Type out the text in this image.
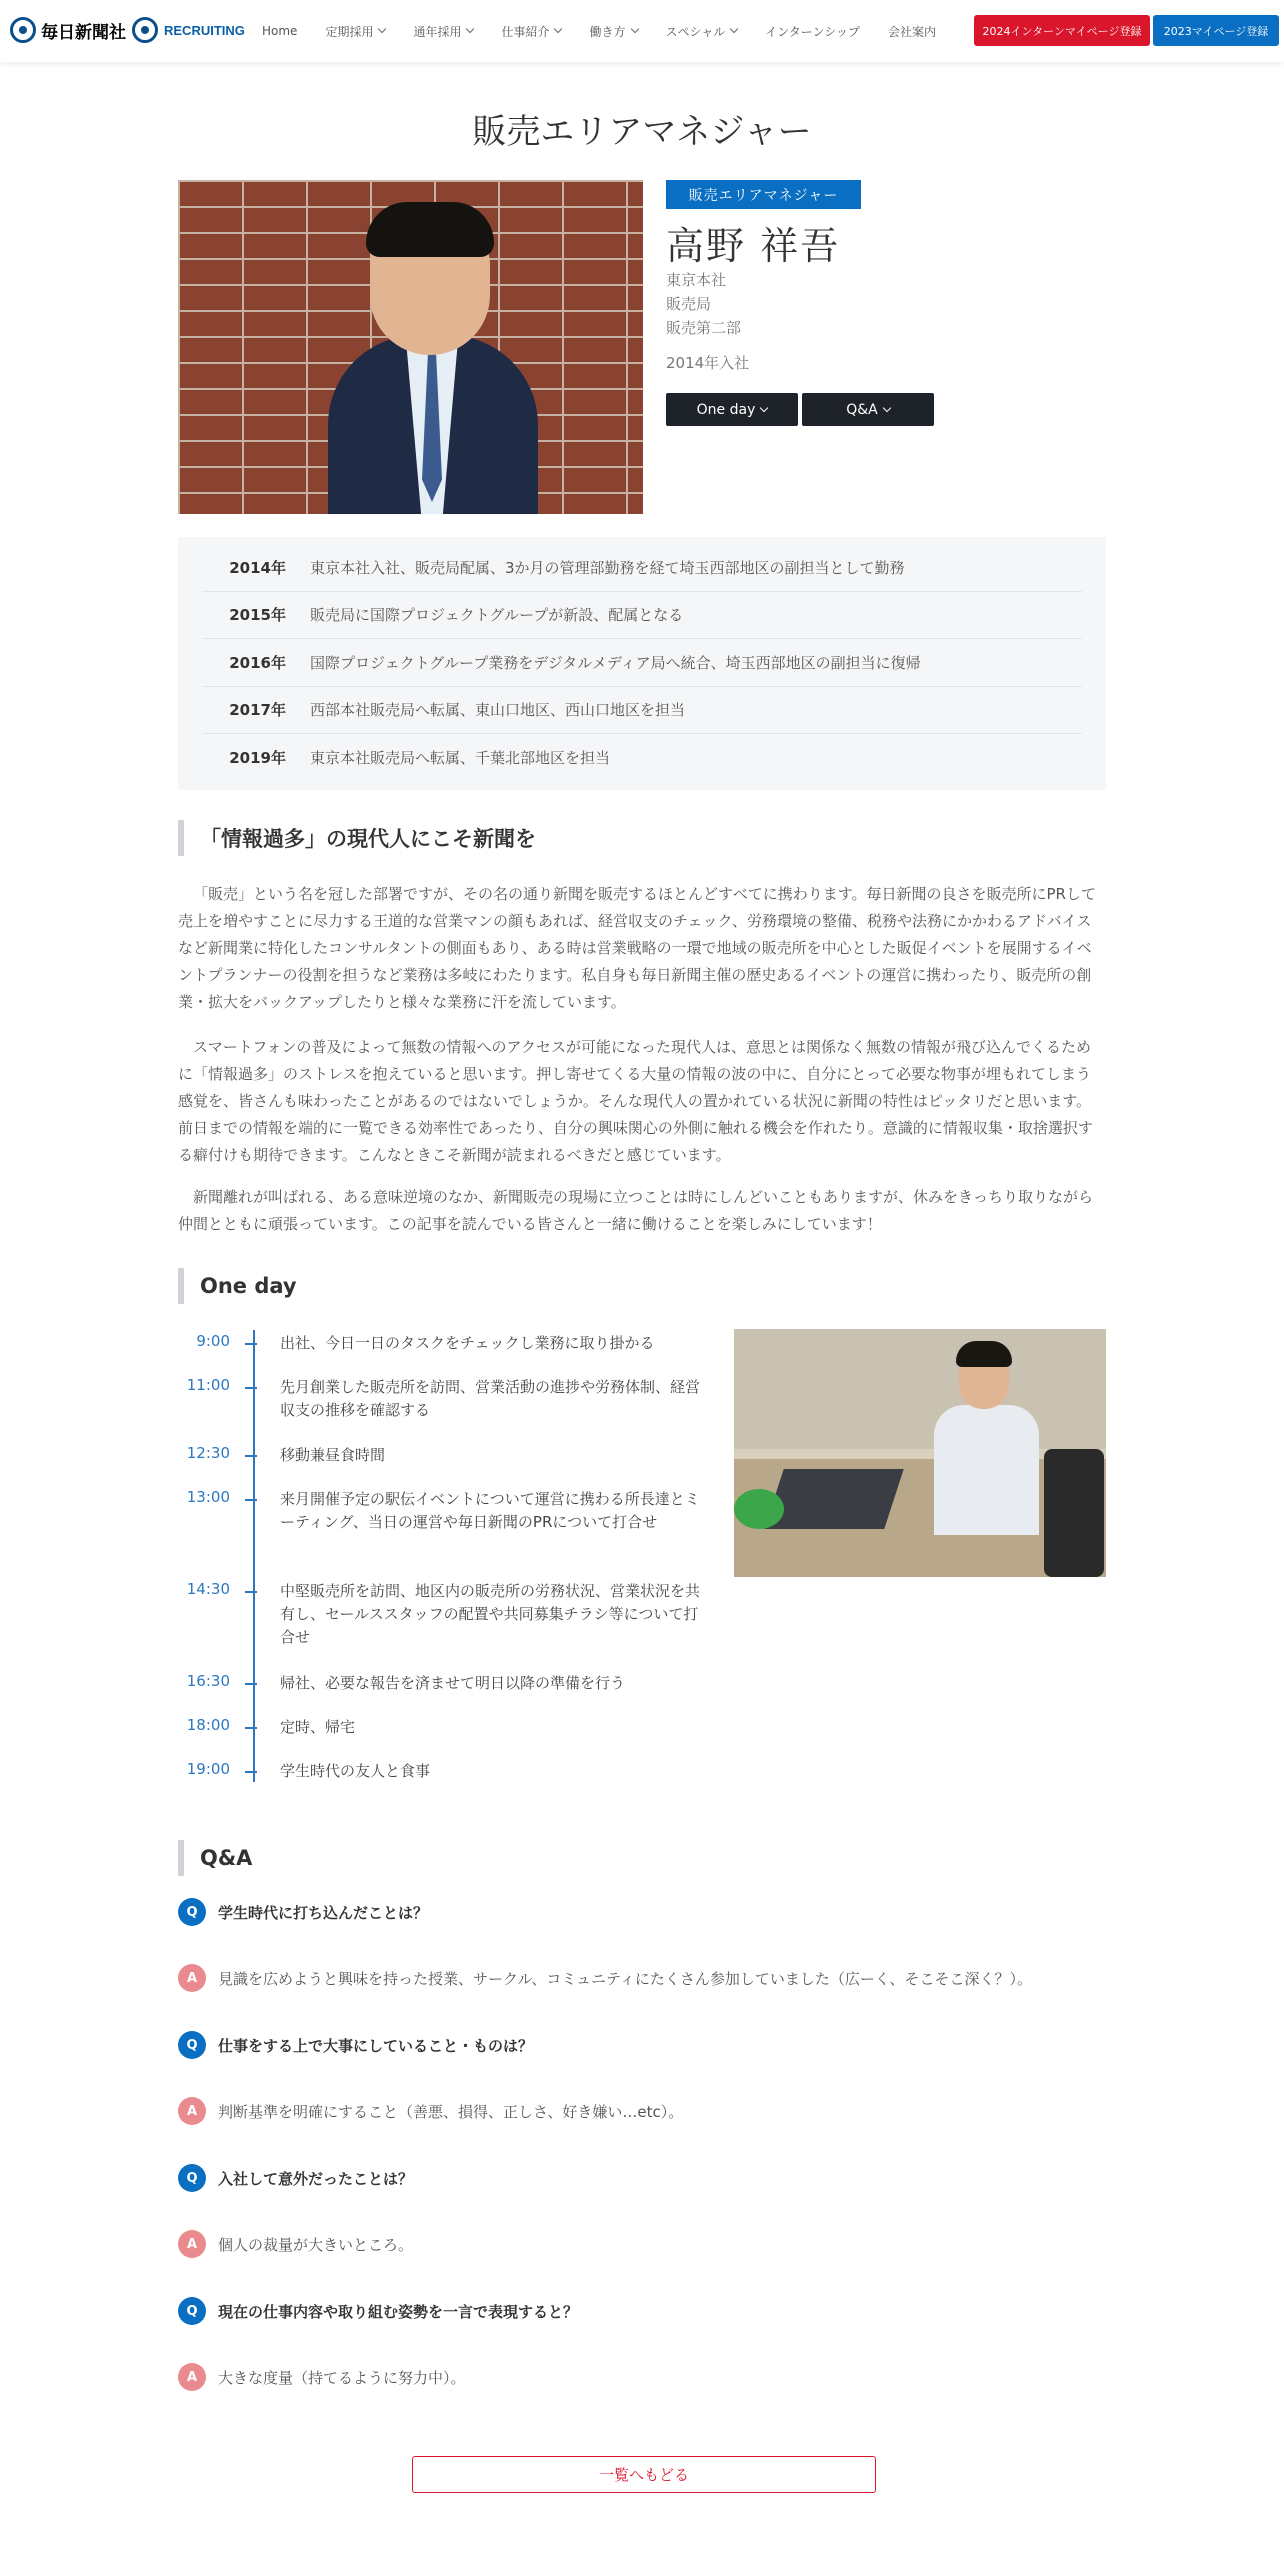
毎日新聞社	RECRUITING Home 定期採用	通年採用	仕事紹介	働き方	スペシャル	インターンシップ 会社案内	2024インターンマイページ登録	2023マイページ登録
販売エリアマネジャー
販売エリアマネジャー
高野 祥吾
東京本社
販売局
販売第二部
2014年入社
One day	Q&A
2014年	東京本社入社、販売局配属、3か月の管理部勤務を経て埼玉西部地区の副担当として勤務
2015年	販売局に国際プロジェクトグループが新設、配属となる
2016年	国際プロジェクトグループ業務をデジタルメディア局へ統合、埼玉西部地区の副担当に復帰
2017年	西部本社販売局へ転属、東山口地区、西山口地区を担当
2019年	東京本社販売局へ転属、千葉北部地区を担当
「情報過多」の現代人にこそ新聞を

「販売」という名を冠した部署ですが、その名の通り新聞を販売するほとんどすべてに携わります。毎日新聞の良さを販売所にPRして売上を増やすことに尽力する王道的な営業マンの顔もあれば、経営収支のチェック、労務環境の整備、税務や法務にかかわるアドバイスなど新聞業に特化したコンサルタントの側面もあり、ある時は営業戦略の一環で地域の販売所を中心とした販促イベントを展開するイベントプランナーの役割を担うなど業務は多岐にわたります。私自身も毎日新聞主催の歴史あるイベントの運営に携わったり、販売所の創業・拡大をバックアップしたりと様々な業務に汗を流しています。

スマートフォンの普及によって無数の情報へのアクセスが可能になった現代人は、意思とは関係なく無数の情報が飛び込んでくるために「情報過多」のストレスを抱えていると思います。押し寄せてくる大量の情報の波の中に、自分にとって必要な物事が埋もれてしまう感覚を、皆さんも味わったことがあるのではないでしょうか。そんな現代人の置かれている状況に新聞の特性はピッタリだと思います。前日までの情報を端的に一覧できる効率性であったり、自分の興味関心の外側に触れる機会を作れたり。意識的に情報収集・取捨選択する癖付けも期待できます。こんなときこそ新聞が読まれるべきだと感じています。

新聞離れが叫ばれる、ある意味逆境のなか、新聞販売の現場に立つことは時にしんどいこともありますが、休みをきっちり取りながら仲間とともに頑張っています。この記事を読んでいる皆さんと一緒に働けることを楽しみにしています！

One day
9:00	出社、今日一日のタスクをチェックし業務に取り掛かる
11:00	先月創業した販売所を訪問、営業活動の進捗や労務体制、経営収支の推移を確認する
12:30	移動兼昼食時間
13:00	来月開催予定の駅伝イベントについて運営に携わる所長達とミーティング、当日の運営や毎日新聞のPRについて打合せ
14:30	中堅販売所を訪問、地区内の販売所の労務状況、営業状況を共有し、セールススタッフの配置や共同募集チラシ等について打合せ
16:30	帰社、必要な報告を済ませて明日以降の準備を行う
18:00	定時、帰宅
19:00	学生時代の友人と食事
Q&A
Q	学生時代に打ち込んだことは？
A	見識を広めようと興味を持った授業、サークル、コミュニティにたくさん参加していました（広ーく、そこそこ深く？）。
Q	仕事をする上で大事にしていること・ものは？
A	判断基準を明確にすること（善悪、損得、正しさ、好き嫌い…etc）。
Q	入社して意外だったことは？
A	個人の裁量が大きいところ。
Q	現在の仕事内容や取り組む姿勢を一言で表現すると？
A	大きな度量（持てるように努力中）。
一覧へもどる
